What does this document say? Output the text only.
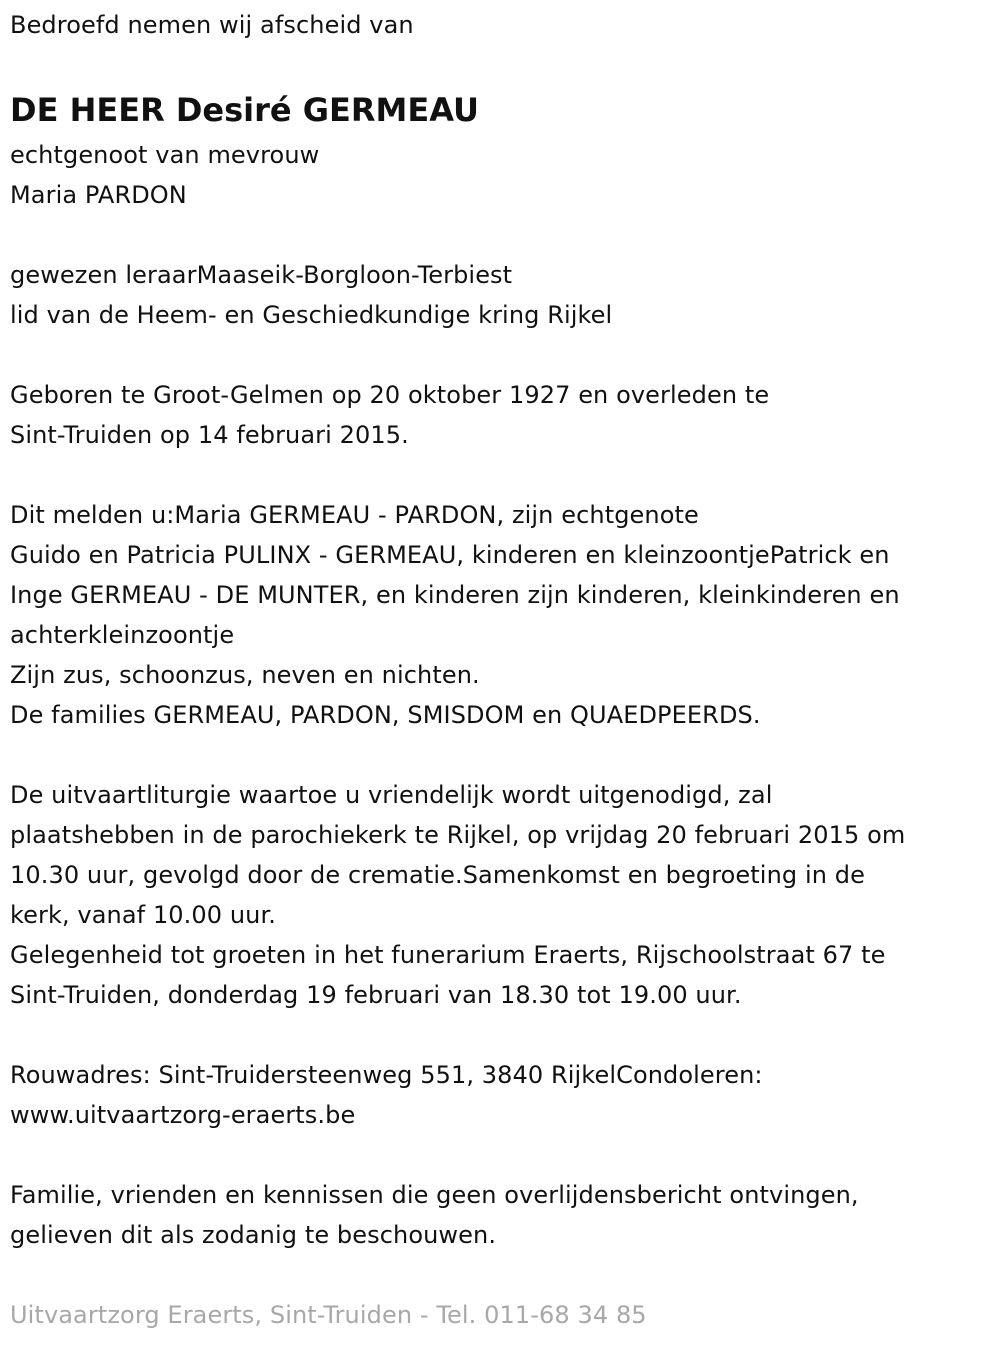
Bedroefd nemen wij afscheid van
DE HEER Desiré GERMEAU
echtgenoot van mevrouw
Maria PARDON
gewezen leraarMaaseik-Borgloon-Terbiest
lid van de Heem- en Geschiedkundige kring Rijkel
Geboren te Groot-Gelmen op 20 oktober 1927 en overleden te
Sint-Truiden op 14 februari 2015.
Dit melden u:Maria GERMEAU - PARDON, zijn echtgenote
Guido en Patricia PULINX - GERMEAU, kinderen en kleinzoontjePatrick en
Inge GERMEAU - DE MUNTER, en kinderen zijn kinderen, kleinkinderen en
achterkleinzoontje
Zijn zus, schoonzus, neven en nichten.
De families GERMEAU, PARDON, SMISDOM en QUAEDPEERDS.
De uitvaartliturgie waartoe u vriendelijk wordt uitgenodigd, zal
plaatshebben in de parochiekerk te Rijkel, op vrijdag 20 februari 2015 om
10.30 uur, gevolgd door de crematie.Samenkomst en begroeting in de
kerk, vanaf 10.00 uur.
Gelegenheid tot groeten in het funerarium Eraerts, Rijschoolstraat 67 te
Sint-Truiden, donderdag 19 februari van 18.30 tot 19.00 uur.
Rouwadres: Sint-Truidersteenweg 551, 3840 RijkelCondoleren:
www.uitvaartzorg-eraerts.be
Familie, vrienden en kennissen die geen overlijdensbericht ontvingen,
gelieven dit als zodanig te beschouwen.
Uitvaartzorg Eraerts, Sint-Truiden - Tel. 011-68 34 85
